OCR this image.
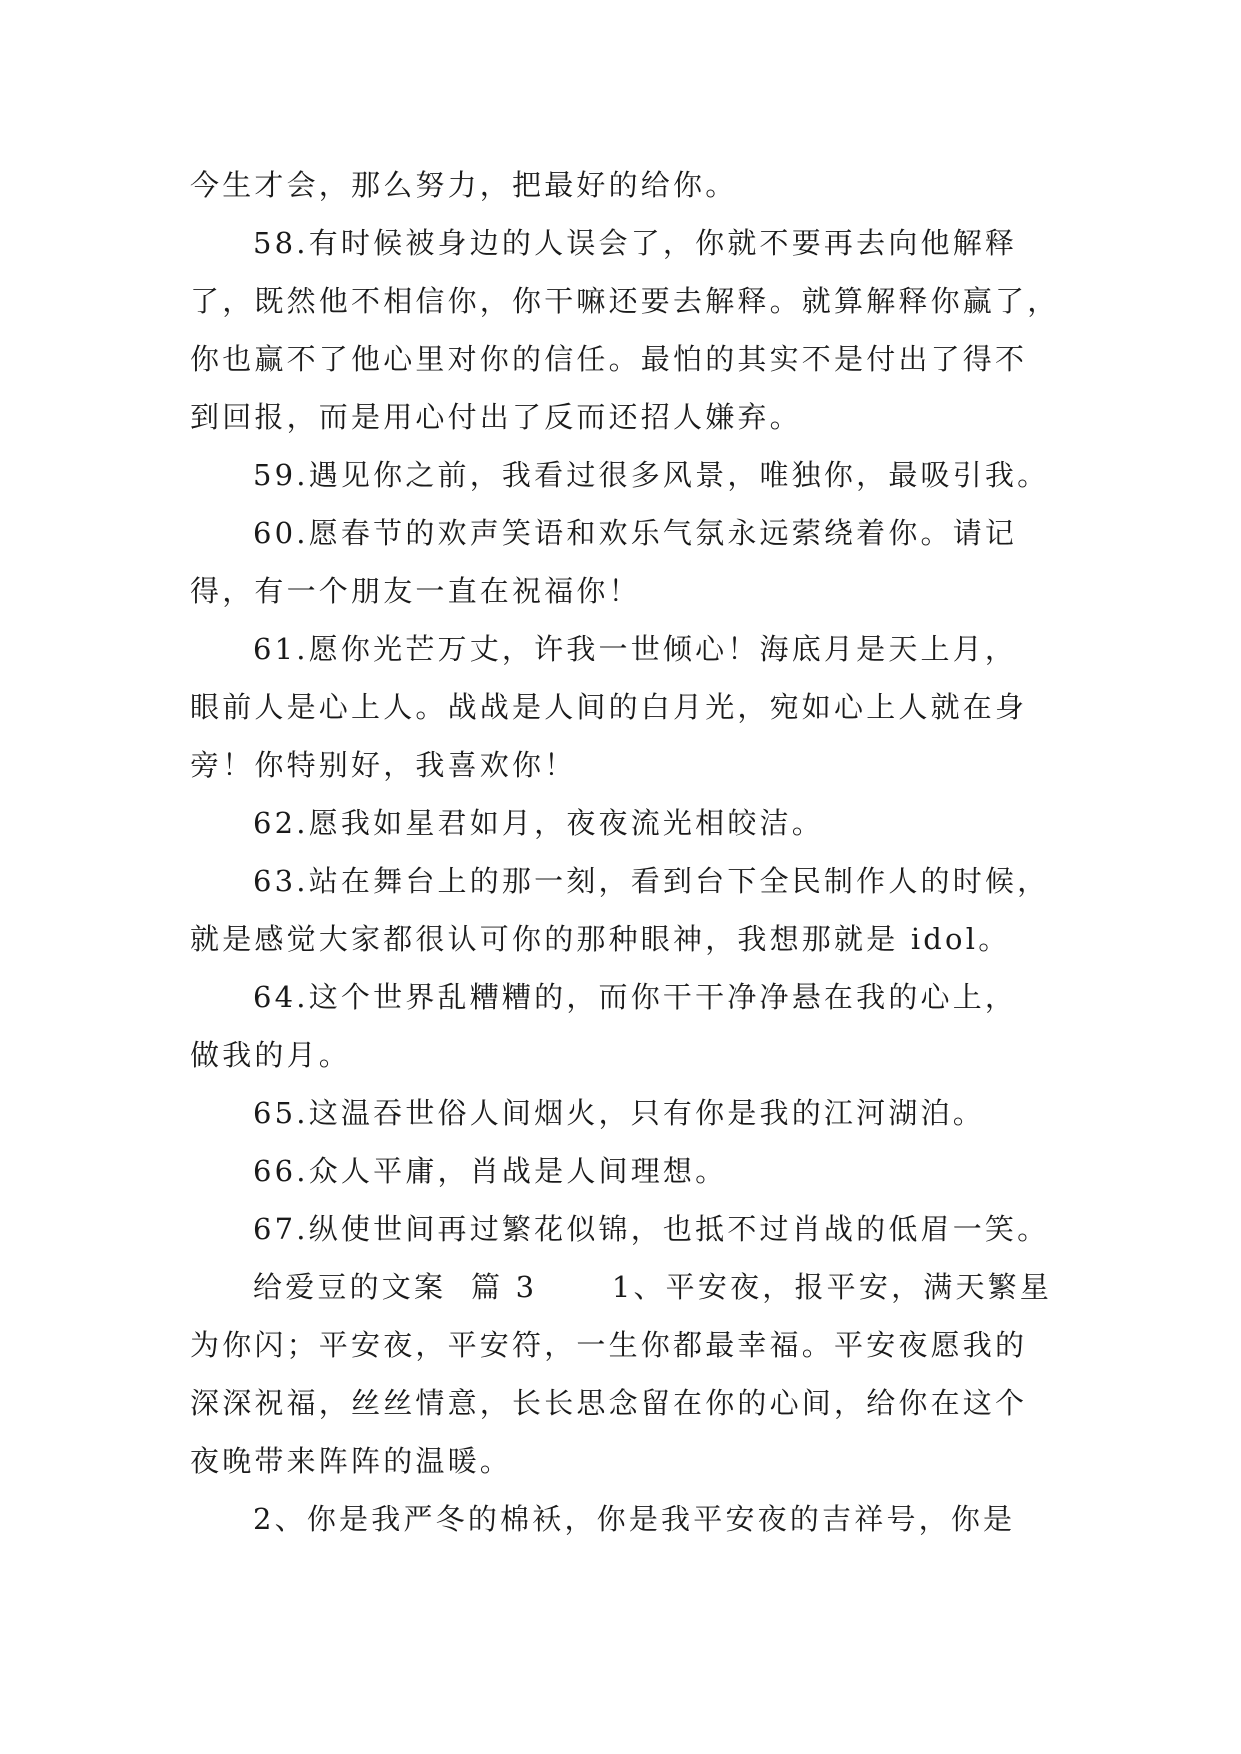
今生才会，那么努力，把最好的给你。
58.有时候被身边的人误会了，你就不要再去向他解释
了，既然他不相信你，你干嘛还要去解释。就算解释你赢了，
你也赢不了他心里对你的信任。最怕的其实不是付出了得不
到回报，而是用心付出了反而还招人嫌弃。
59.遇见你之前，我看过很多风景，唯独你，最吸引我。
60.愿春节的欢声笑语和欢乐气氛永远萦绕着你。请记
得，有一个朋友一直在祝福你！
61.愿你光芒万丈，许我一世倾心！海底月是天上月，
眼前人是心上人。战战是人间的白月光，宛如心上人就在身
旁！你特别好，我喜欢你！
62.愿我如星君如月，夜夜流光相皎洁。
63.站在舞台上的那一刻，看到台下全民制作人的时候，
就是感觉大家都很认可你的那种眼神，我想那就是 idol。
64.这个世界乱糟糟的，而你干干净净悬在我的心上，
做我的月。
65.这温吞世俗人间烟火，只有你是我的江河湖泊。
66.众人平庸，肖战是人间理想。
67.纵使世间再过繁花似锦，也抵不过肖战的低眉一笑。
给爱豆的文案  篇 3      1、平安夜，报平安，满天繁星
为你闪；平安夜，平安符，一生你都最幸福。平安夜愿我的
深深祝福，丝丝情意，长长思念留在你的心间，给你在这个
夜晚带来阵阵的温暖。
2、你是我严冬的棉袄，你是我平安夜的吉祥号，你是
